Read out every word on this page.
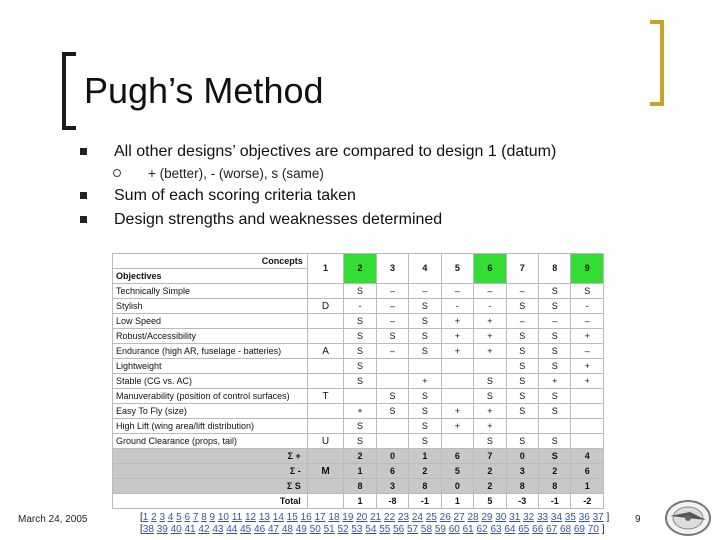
Pugh’s Method
All other designs’ objectives are compared to design 1 (datum)
+ (better), - (worse), s (same)
Sum of each scoring criteria taken
Design strengths and weaknesses determined
Concepts	1	2	3	4	5	6	7	8	9
Objectives									
Technically Simple		S	–	–	–	–	–	S	S
Stylish	D	-	–	S	-	-	S	S	-
Low Speed		S	–	S	+	+	–	–	–
Robust/Accessibility		S	S	S	+	+	S	S	+
Endurance (high AR, fuselage - batteries)	A	S	–	S	+	+	S	S	–
Lightweight		S					S	S	+
Stable (CG vs. AC)		S		+		S	S	+	+
Manuverability (position of control surfaces)	T		S	S		S	S	S	
Easy To Fly (size)		+	S	S	+	+	S	S	
High Lift (wing area/lift distribution)		S		S	+	+			
Ground Clearance (props, tail)	U	S		S		S	S	S	
Σ +		2	0	1	6	7	0	S	4
Σ -	M	1	6	2	5	2	3	2	6
Σ S		8	3	8	0	2	8	8	1
Total		1	-8	-1	1	5	-3	-1	-2
March 24, 2005	[1 2 3 4 5 6 7 8 9 10 11 12 13 14 15 16 17 18 19 20 21 22 23 24 25 26 27 28 29 30 31 32 33 34 35 36 37 ]
[38 39 40 41 42 43 44 45 46 47 48 49 50 51 52 53 54 55 56 57 58 59 60 61 62 63 64 65 66 67 68 69 70 ]
9
